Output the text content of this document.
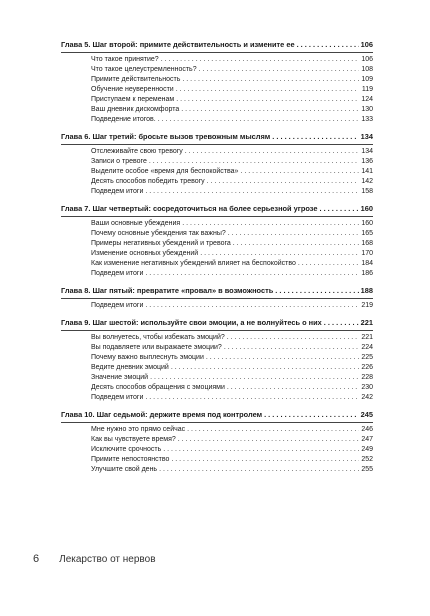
Глава 5. Шаг второй: примите действительность и измените ее . . .	106
Что такое принятие? . . .	106
Что такое целеустремленность? . . .	108
Примите действительность . . .	109
Обучение неуверенности . . .	119
Приступаем к переменам . . .	124
Ваш дневник дискомфорта . . .	130
Подведение итогов. . . .	133
Глава 6. Шаг третий: бросьте вызов тревожным мыслям . . .	134
Отслеживайте свою тревогу . . .	134
Записи о тревоге . . .	136
Выделите особое «время для беспокойства» . . .	141
Десять способов победить тревогу . . .	142
Подведем итоги . . .	158
Глава 7. Шаг четвертый: сосредоточиться на более серьезной угрозе . . .	160
Ваши основные убеждения . . .	160
Почему основные убеждения так важны? . . .	165
Примеры негативных убеждений и тревога . . .	168
Изменение основных убеждений . . .	170
Как изменение негативных убеждений влияет на беспокойство . . .	184
Подведем итоги . . .	186
Глава 8. Шаг пятый: превратите «провал» в возможность . . .	188
Подведем итоги . . .	219
Глава 9. Шаг шестой: используйте свои эмоции, а не волнуйтесь о них . . .	221
Вы волнуетесь, чтобы избежать эмоций? . . .	221
Вы подавляете или выражаете эмоции? . . .	224
Почему важно выплеснуть эмоции . . .	225
Ведите дневник эмоций . . .	226
Значение эмоций . . .	228
Десять способов обращения с эмоциями . . .	230
Подведем итоги . . .	242
Глава 10. Шаг седьмой: держите время под контролем . . .	245
Мне нужно это прямо сейчас . . .	246
Как вы чувствуете время? . . .	247
Исключите срочность . . .	249
Примите непостоянство . . .	252
Улучшите свой день . . .	255
6 Лекарство от нервов
